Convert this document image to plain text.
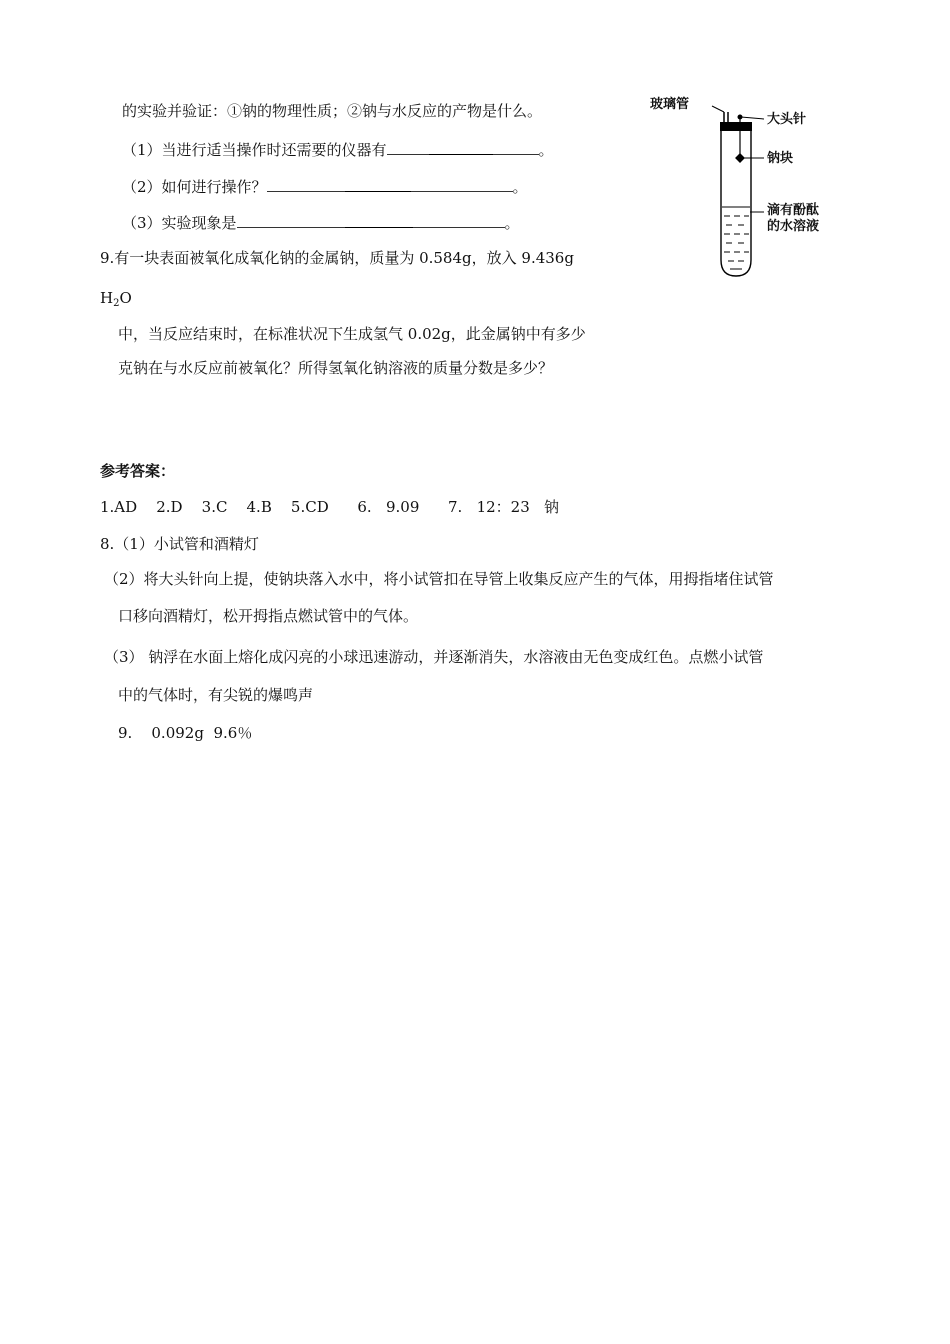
的实验并验证：①钠的物理性质；②钠与水反应的产物是什么。
（1）当进行适当操作时还需要的仪器有	。
（2）如何进行操作？	。
（3）实验现象是	。
9.有一块表面被氧化成氧化钠的金属钠，质量为 0.584g，放入 9.436g
$H_2O$
中，当反应结束时，在标准状况下生成氢气 0.02g，此金属钠中有多少
克钠在与水反应前被氧化？所得氢氧化钠溶液的质量分数是多少？
玻璃管
大头针
钠块
滴有酚酞
的水溶液
参考答案：
1.AD    2.D    3.C    4.B    5.CD      6.   9.09      7.   12：23   钠
8.（1）小试管和酒精灯
（2）将大头针向上提，使钠块落入水中，将小试管扣在导管上收集反应产生的气体，用拇指堵住试管
口移向酒精灯，松开拇指点燃试管中的气体。
（3） 钠浮在水面上熔化成闪亮的小球迅速游动，并逐渐消失，水溶液由无色变成红色。点燃小试管
中的气体时，有尖锐的爆鸣声
9.    0.092g  9.6％
